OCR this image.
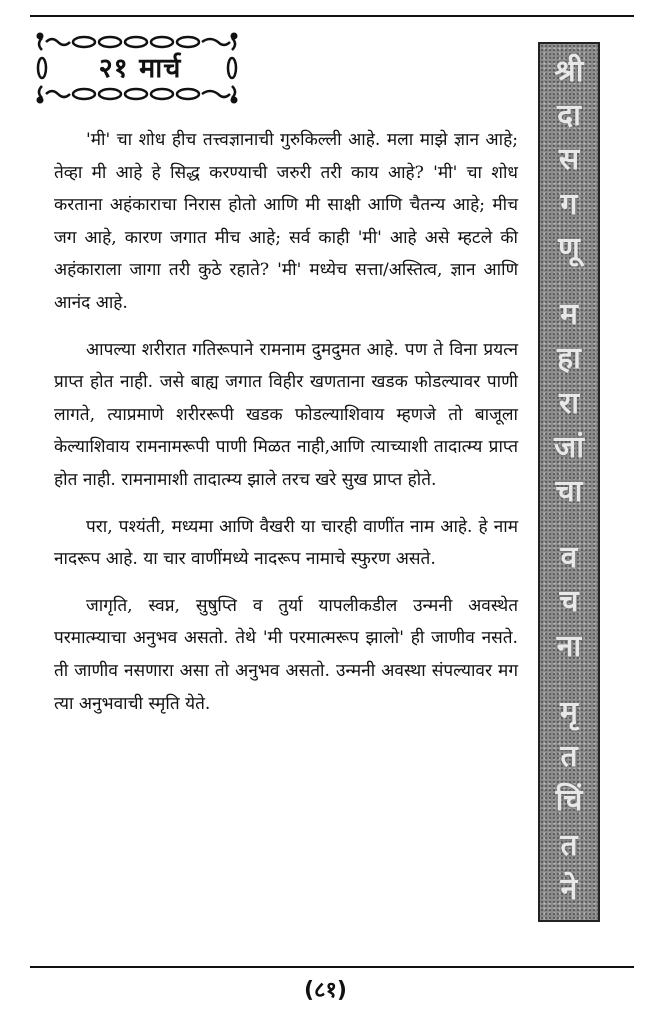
२१ मार्च

'मी' चा शोध हीच तत्त्वज्ञानाची गुरुकिल्ली आहे. मला माझे ज्ञान आहे; तेव्हा मी आहे हे सिद्ध करण्याची जरुरी तरी काय आहे? 'मी' चा शोध करताना अहंकाराचा निरास होतो आणि मी साक्षी आणि चैतन्य आहे; मीच जग आहे, कारण जगात मीच आहे; सर्व काही 'मी' आहे असे म्हटले की अहंकाराला जागा तरी कुठे रहाते? 'मी' मध्येच सत्ता/अस्तित्व, ज्ञान आणि आनंद आहे.

आपल्या शरीरात गतिरूपाने रामनाम दुमदुमत आहे. पण ते विना प्रयत्न प्राप्त होत नाही. जसे बाह्य जगात विहीर खणताना खडक फोडल्यावर पाणी लागते, त्याप्रमाणे शरीररूपी खडक फोडल्याशिवाय म्हणजे तो बाजूला केल्याशिवाय रामनामरूपी पाणी मिळत नाही,आणि त्याच्याशी तादात्म्य प्राप्त होत नाही. रामनामाशी तादात्म्य झाले तरच खरे सुख प्राप्त होते.

परा, पश्यंती, मध्यमा आणि वैखरी या चारही वाणींत नाम आहे. हे नाम नादरूप आहे. या चार वाणींमध्ये नादरूप नामाचे स्फुरण असते.

जागृति, स्वप्न, सुषुप्ति व तुर्या यापलीकडील उन्मनी अवस्थेत परमात्म्याचा अनुभव असतो. तेथे 'मी परमात्मरूप झालो' ही जाणीव नसते. ती जाणीव नसणारा असा तो अनुभव असतो. उन्मनी अवस्था संपल्यावर मग त्या अनुभवाची स्मृति येते.

श्री
दा
स
ग
णू
म
हा
रा
जां
चा
व
च
ना
मृ
त
चिं
त
ने
(८१)
